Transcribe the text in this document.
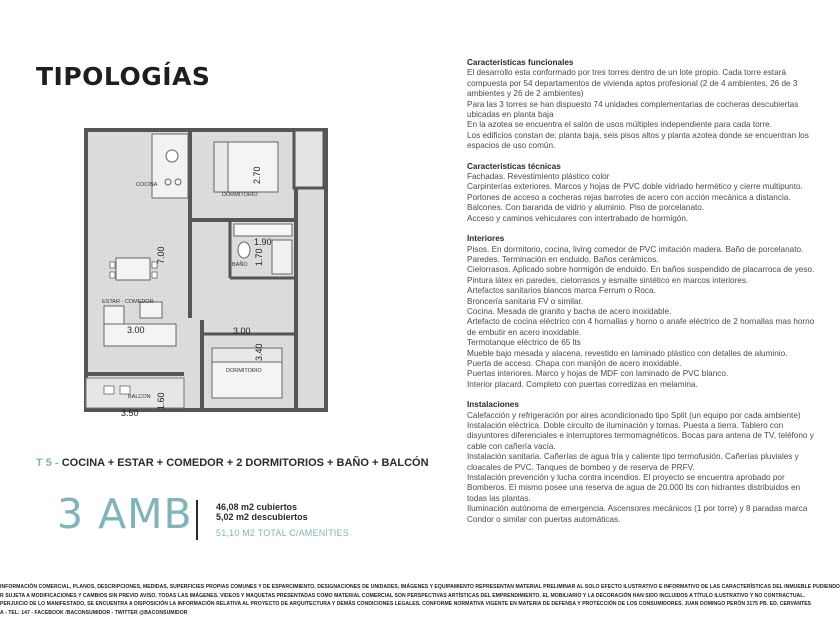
TIPOLOGÍAS
COCINA
DORMITORIO
BAÑO
ESTAR - COMEDOR
DORMITORIO
BALCON
2.70
1.90
1.70
7.00
3.00	3.00
3.40
3.50
1.60
T 5 - COCINA + ESTAR + COMEDOR + 2 DORMITORIOS + BAÑO + BALCÓN
3 AMB	46,08 m2 cubiertos
5,02 m2 descubiertos
51,10 M2 TOTAL C/AMENITIES
Características funcionales
El desarrollo esta conformado por tres torres dentro de un lote propio. Cada torre estará compuesta por 54 departamentos de vivienda aptos profesional (2 de 4 ambientes, 26 de 3 ambientes y 26 de 2 ambientes)
Para las 3 torres se han dispuesto 74 unidades complementarias de cocheras descubiertas ubicadas en planta baja
En la azotea se encuentra el salón de usos múltiples independiente para cada torre.
Los edificios constan de: planta baja, seis pisos altos y planta azotea donde se encuentran los espacios de uso común.
Características técnicas
Fachadas. Revestimiento plástico color
Carpinterías exteriores. Marcos y hojas de PVC doble vidriado hermético y cierre multipunto.
Portones de acceso a cocheras rejas barrotes de acero con acción mecánica a distancia.
Balcones. Con baranda de vidrio y aluminio. Piso de porcelanato.
Acceso y caminos vehiculares con intertrabado de hormigón.
Interiores
Pisos. En dormitorio, cocina, living comedor de PVC imitación madera. Baño de porcelanato.
Paredes. Terminación en enduido. Baños cerámicos.
Cielorrasos. Aplicado sobre hormigón de enduido. En baños suspendido de placarroca de yeso. Pintura látex en paredes, cielorrasos y esmalte sintético en marcos interiores.
Artefactos sanitarios blancos marca Ferrum o Roca.
Broncería sanitaria FV o similar.
Cocina. Mesada de granito y bacha de acero inoxidable.
Artefacto de cocina eléctrico con 4 hornallas y horno o anafe eléctrico de 2 hornallas mas horno de embutir en acero inoxidable.
Termotanque eléctrico de 65 lts
Mueble bajo mesada y alacena, revestido en laminado plástico con detalles de aluminio.
Puerta de acceso. Chapa con manijón de acero inoxidable.
Puertas interiores. Marco y hojas de MDF con laminado de PVC blanco.
Interior placard. Completo con puertas corredizas en melamina.
Instalaciones
Calefacción y refrigeración por aires acondicionado tipo Split (un equipo por cada ambiente)
Instalación eléctrica. Doble circuito de iluminación y tomas. Puesta a tierra. Tablero con disyuntores diferenciales e interruptores termomagnéticos. Bocas para antena de TV, teléfono y cable con cañería vacía.
Instalación sanitaria. Cañerías de agua fría y caliente tipo termofusión. Cañerías pluviales y cloacales de PVC. Tanques de bombeo y de reserva de PRFV.
Instalación prevención y lucha contra incendios. El proyecto se encuentra aprobado por Bomberos. El mismo posee una reserva de agua de 20.000 lts con hidrantes distribuidos en todas las plantas.
Iluminación autónoma de emergencia. Ascensores mecánicos (1 por torre) y 8 paradas marca Condor o similar con puertas automáticas.
INFORMACIÓN COMERCIAL, PLANOS, DESCRIPCIONES, MEDIDAS, SUPERFICIES PROPIAS COMUNES Y DE ESPARCIMIENTO, DESIGNACIONES DE UNIDADES, IMÁGENES Y EQUIPAMIENTO REPRESENTAN MATERIAL PRELIMINAR AL SOLO EFECTO ILUSTRATIVO E INFORMATIVO DE LAS CARACTERÍSTICAS DEL INMUEBLE PUDIENDO
R SUJETA A MODIFICACIONES Y CAMBIOS SIN PREVIO AVISO. TODAS LAS IMÁGENES, VIDEOS Y MAQUETAS PRESENTADAS COMO MATERIAL COMERCIAL SON PERSPECTIVAS ARTÍSTICAS DEL EMPRENDIMIENTO. EL MOBILIARIO Y LA DECORACIÓN HAN SIDO INCLUIDOS A TÍTULO ILUSTRATIVO Y NO CONTRACTUAL.
PERJUICIO DE LO MANIFESTADO, SE ENCUENTRA A DISPOSICIÓN LA INFORMACIÓN RELATIVA AL PROYECTO DE ARQUITECTURA Y DEMÁS CONDICIONES LEGALES, CONFORME NORMATIVA VIGENTE EN MATERIA DE DEFENSA Y PROTECCIÓN DE LOS CONSUMIDORES. JUAN DOMINGO PERÓN 3175 PB. ED. CERVANTES
A - TEL: 147 - FACEBOOK /BACONSUMIDOR - TWITTER @BACONSUMIDOR
